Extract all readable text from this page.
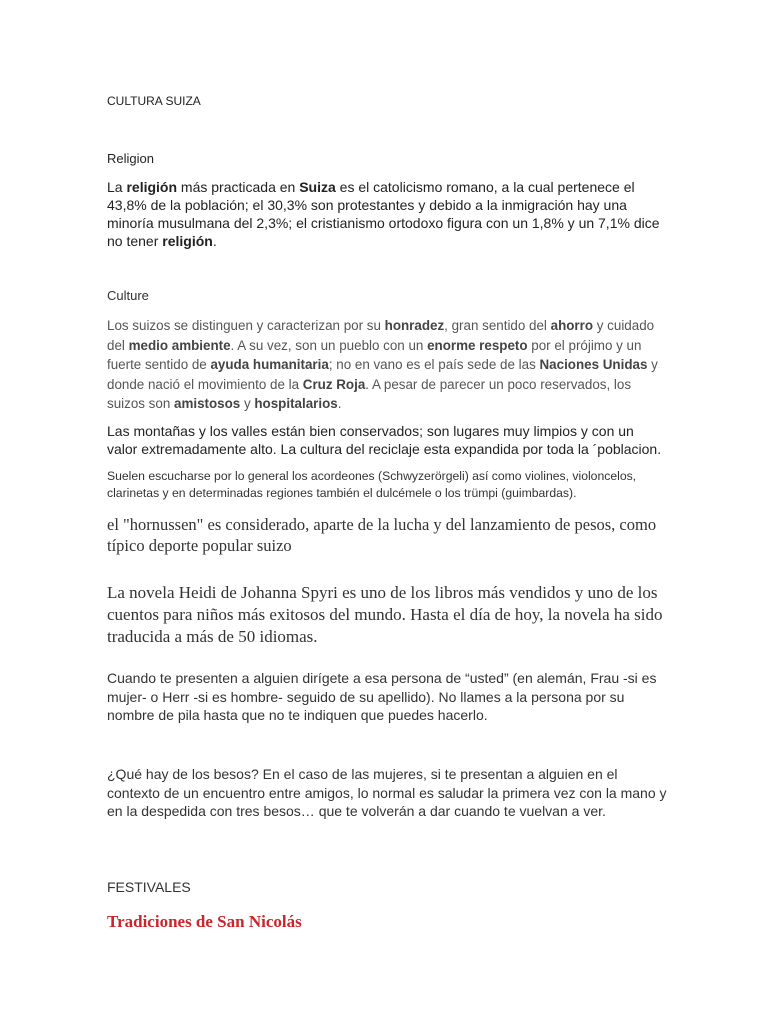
CULTURA SUIZA

Religion

La religión más practicada en Suiza es el catolicismo romano, a la cual pertenece el 43,8% de la población; el 30,3% son protestantes y debido a la inmigración hay una minoría musulmana del 2,3%; el cristianismo ortodoxo figura con un 1,8% y un 7,1% dice no tener religión.

Culture

Los suizos se distinguen y caracterizan por su honradez, gran sentido del ahorro y cuidado del medio ambiente. A su vez, son un pueblo con un enorme respeto por el prójimo y un fuerte sentido de ayuda humanitaria; no en vano es el país sede de las Naciones Unidas y donde nació el movimiento de la Cruz Roja. A pesar de parecer un poco reservados, los suizos son amistosos y hospitalarios.

Las montañas y los valles están bien conservados; son lugares muy limpios y con un valor extremadamente alto. La cultura del reciclaje esta expandida por toda la ´poblacion.

Suelen escucharse por lo general los acordeones (Schwyzerörgeli) así como violines, violoncelos, clarinetas y en determinadas regiones también el dulcémele o los trümpi (guimbardas).

el "hornussen" es considerado, aparte de la lucha y del lanzamiento de pesos, como típico deporte popular suizo

La novela Heidi de Johanna Spyri es uno de los libros más vendidos y uno de los cuentos para niños más exitosos del mundo. Hasta el día de hoy, la novela ha sido traducida a más de 50 idiomas.

Cuando te presenten a alguien dirígete a esa persona de “usted” (en alemán, Frau -si es mujer- o Herr -si es hombre- seguido de su apellido). No llames a la persona por su nombre de pila hasta que no te indiquen que puedes hacerlo.

¿Qué hay de los besos? En el caso de las mujeres, si te presentan a alguien en el contexto de un encuentro entre amigos, lo normal es saludar la primera vez con la mano y en la despedida con tres besos… que te volverán a dar cuando te vuelvan a ver.

FESTIVALES

Tradiciones de San Nicolás
